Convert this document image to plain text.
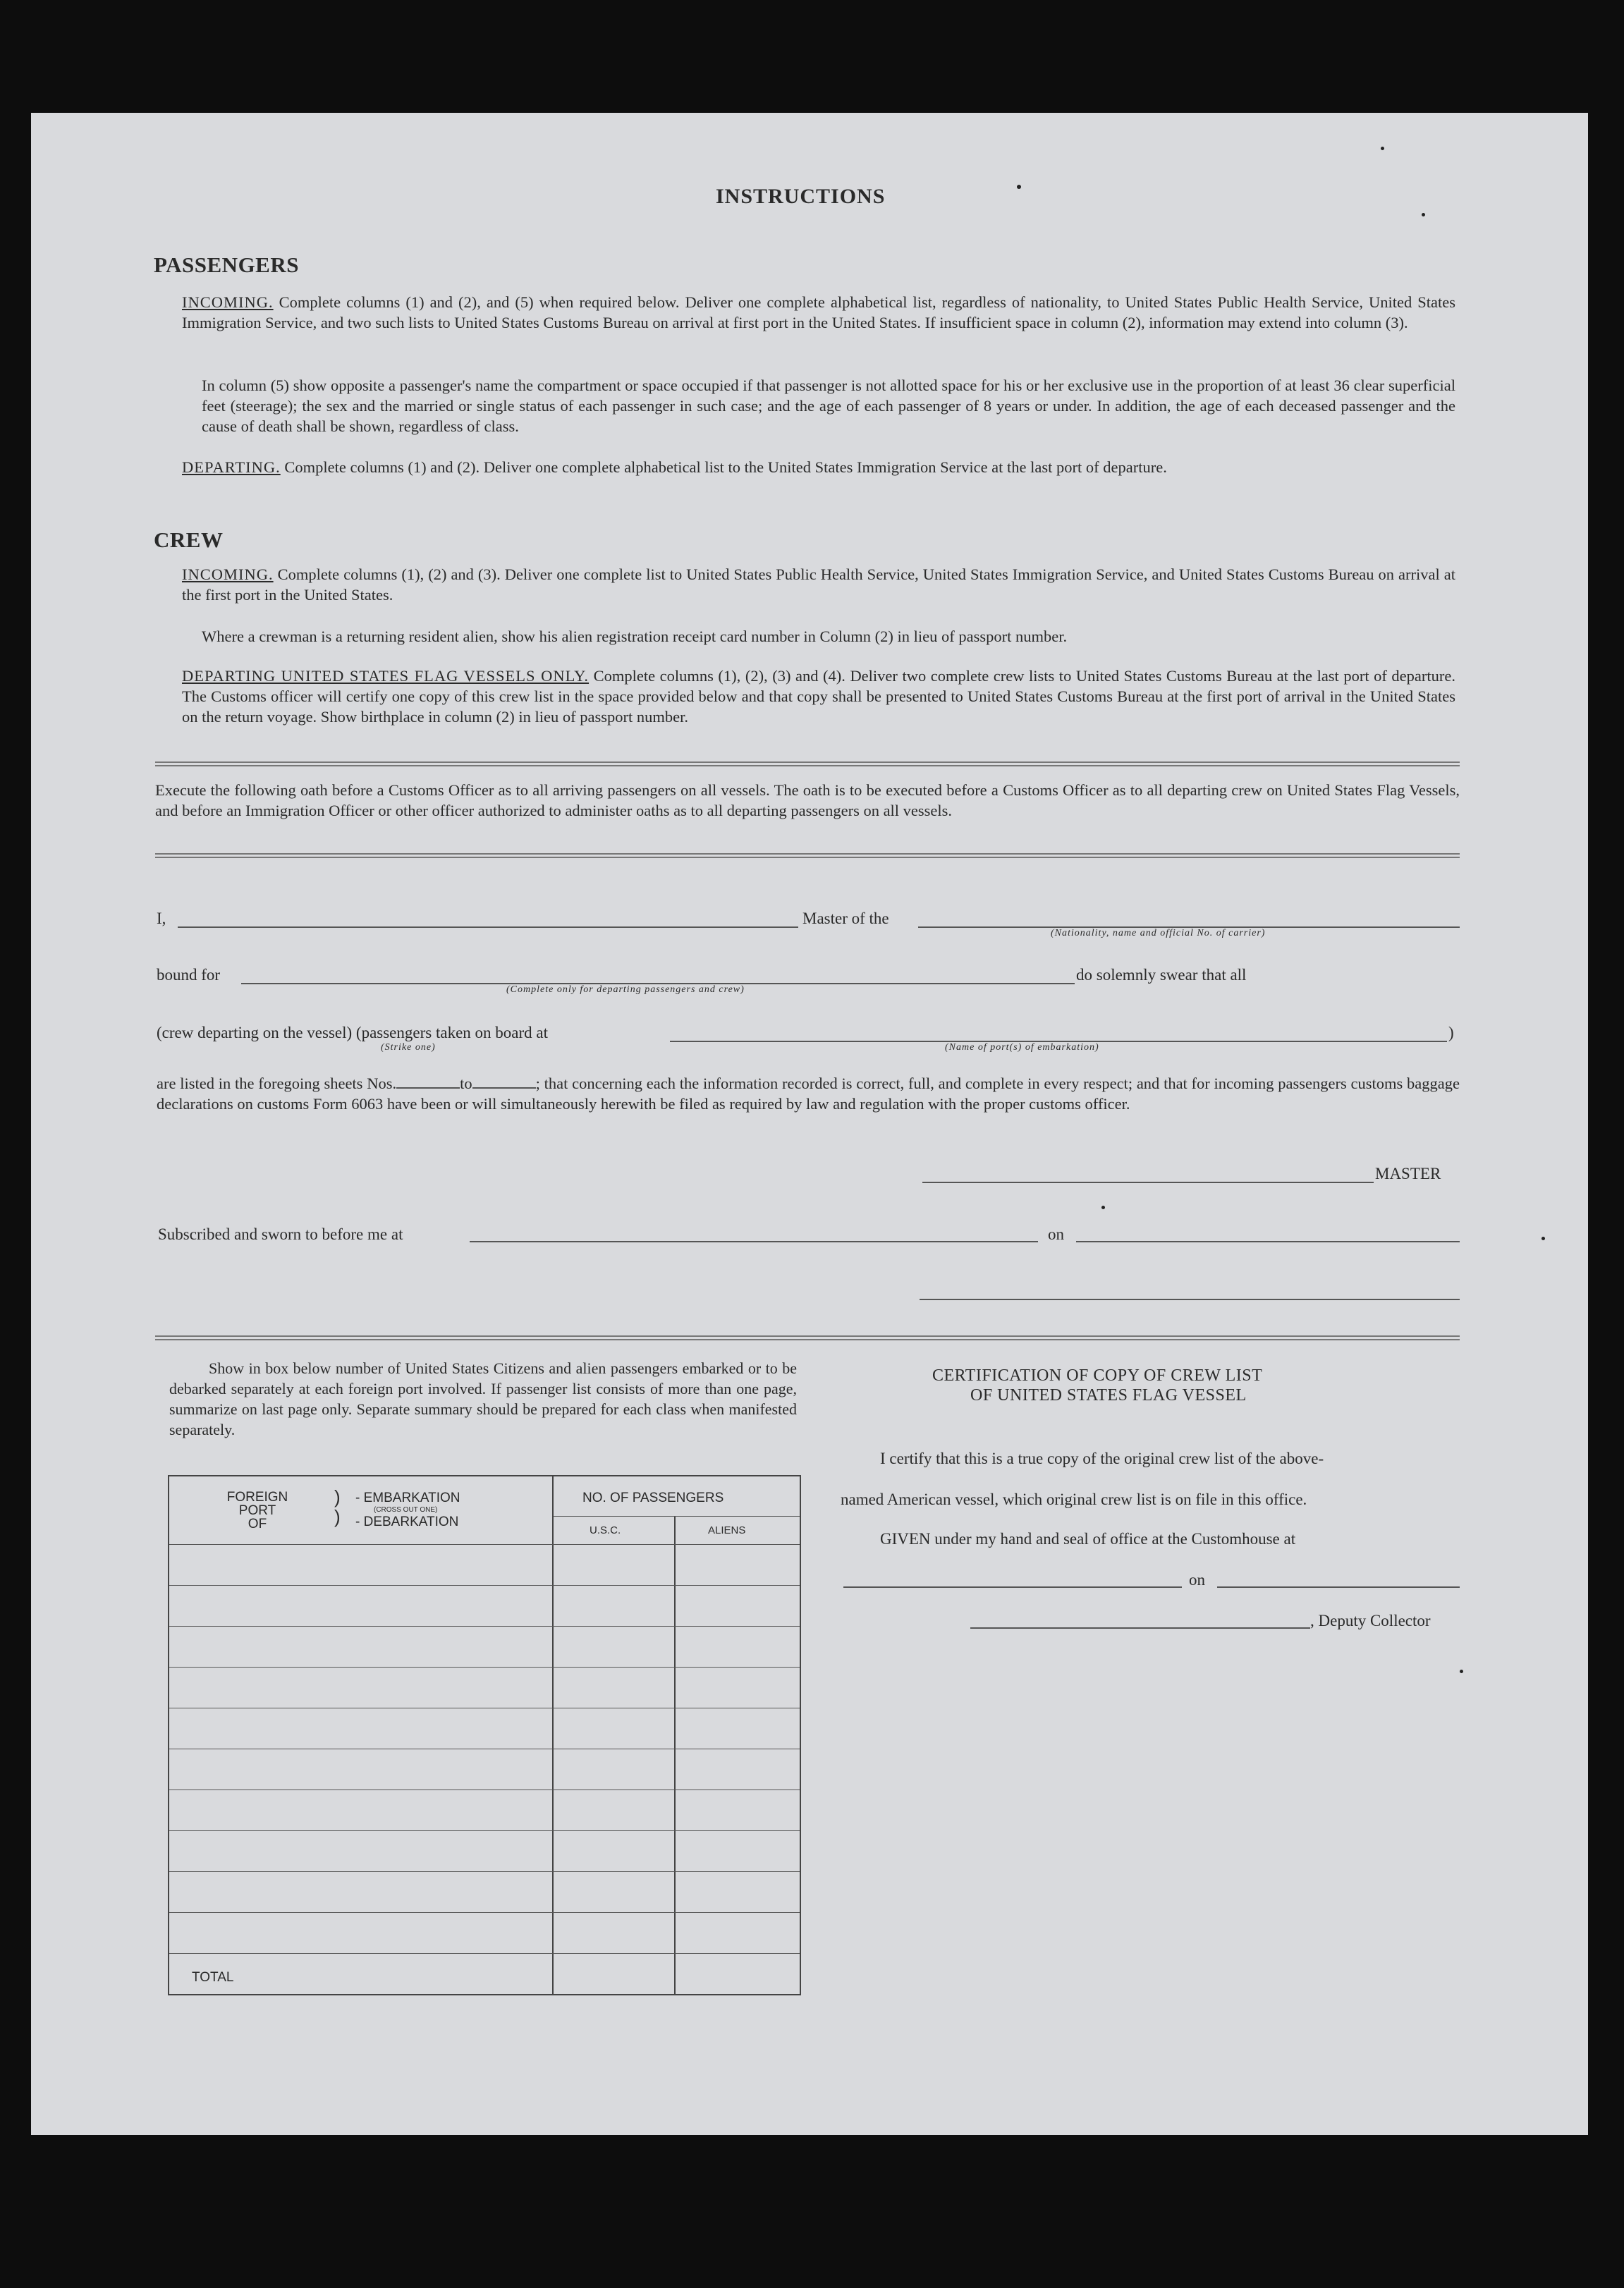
INSTRUCTIONS
PASSENGERS
INCOMING. Complete columns (1) and (2), and (5) when required below. Deliver one complete alphabetical list, regardless of nationality, to United States Public Health Service, United States Immigration Service, and two such lists to United States Customs Bureau on arrival at first port in the United States. If insufficient space in column (2), information may extend into column (3).
In column (5) show opposite a passenger's name the compartment or space occupied if that passenger is not allotted space for his or her exclusive use in the proportion of at least 36 clear superficial feet (steerage); the sex and the married or single status of each passenger in such case; and the age of each passenger of 8 years or under. In addition, the age of each deceased passenger and the cause of death shall be shown, regardless of class.
DEPARTING. Complete columns (1) and (2). Deliver one complete alphabetical list to the United States Immigration Service at the last port of departure.
CREW
INCOMING. Complete columns (1), (2) and (3). Deliver one complete list to United States Public Health Service, United States Immigration Service, and United States Customs Bureau on arrival at the first port in the United States.
Where a crewman is a returning resident alien, show his alien registration receipt card number in Column (2) in lieu of passport number.
DEPARTING UNITED STATES FLAG VESSELS ONLY. Complete columns (1), (2), (3) and (4). Deliver two complete crew lists to United States Customs Bureau at the last port of departure. The Customs officer will certify one copy of this crew list in the space provided below and that copy shall be presented to United States Customs Bureau at the first port of arrival in the United States on the return voyage. Show birthplace in column (2) in lieu of passport number.
Execute the following oath before a Customs Officer as to all arriving passengers on all vessels. The oath is to be executed before a Customs Officer as to all departing crew on United States Flag Vessels, and before an Immigration Officer or other officer authorized to administer oaths as to all departing passengers on all vessels.
I,	Master of the
(Nationality, name and official No. of carrier)
bound for
(Complete only for departing passengers and crew)
do solemnly swear that all
(crew departing on the vessel) (passengers taken on board at	)
(Strike one)	(Name of port(s) of embarkation)
are listed in the foregoing sheets Nos.	to	; that concerning each the information recorded is correct, full, and complete in every respect; and that for incoming passengers customs baggage declarations on customs Form 6063 have been or will simultaneously herewith be filed as required by law and regulation with the proper customs officer.
MASTER
Subscribed and sworn to before me at	on
Show in box below number of United States Citizens and alien passengers embarked or to be debarked separately at each foreign port involved. If passenger list consists of more than one page, summarize on last page only. Separate summary should be prepared for each class when manifested separately.
FOREIGN
PORT
OF
)
)
- EMBARKATION
(CROSS OUT ONE)
- DEBARKATION
NO. OF PASSENGERS
U.S.C.	ALIENS
TOTAL
CERTIFICATION OF COPY OF CREW LIST
OF UNITED STATES FLAG VESSEL
I certify that this is a true copy of the original crew list of the above-
named American vessel, which original crew list is on file in this office.
GIVEN under my hand and seal of office at the Customhouse at
on
, Deputy Collector
